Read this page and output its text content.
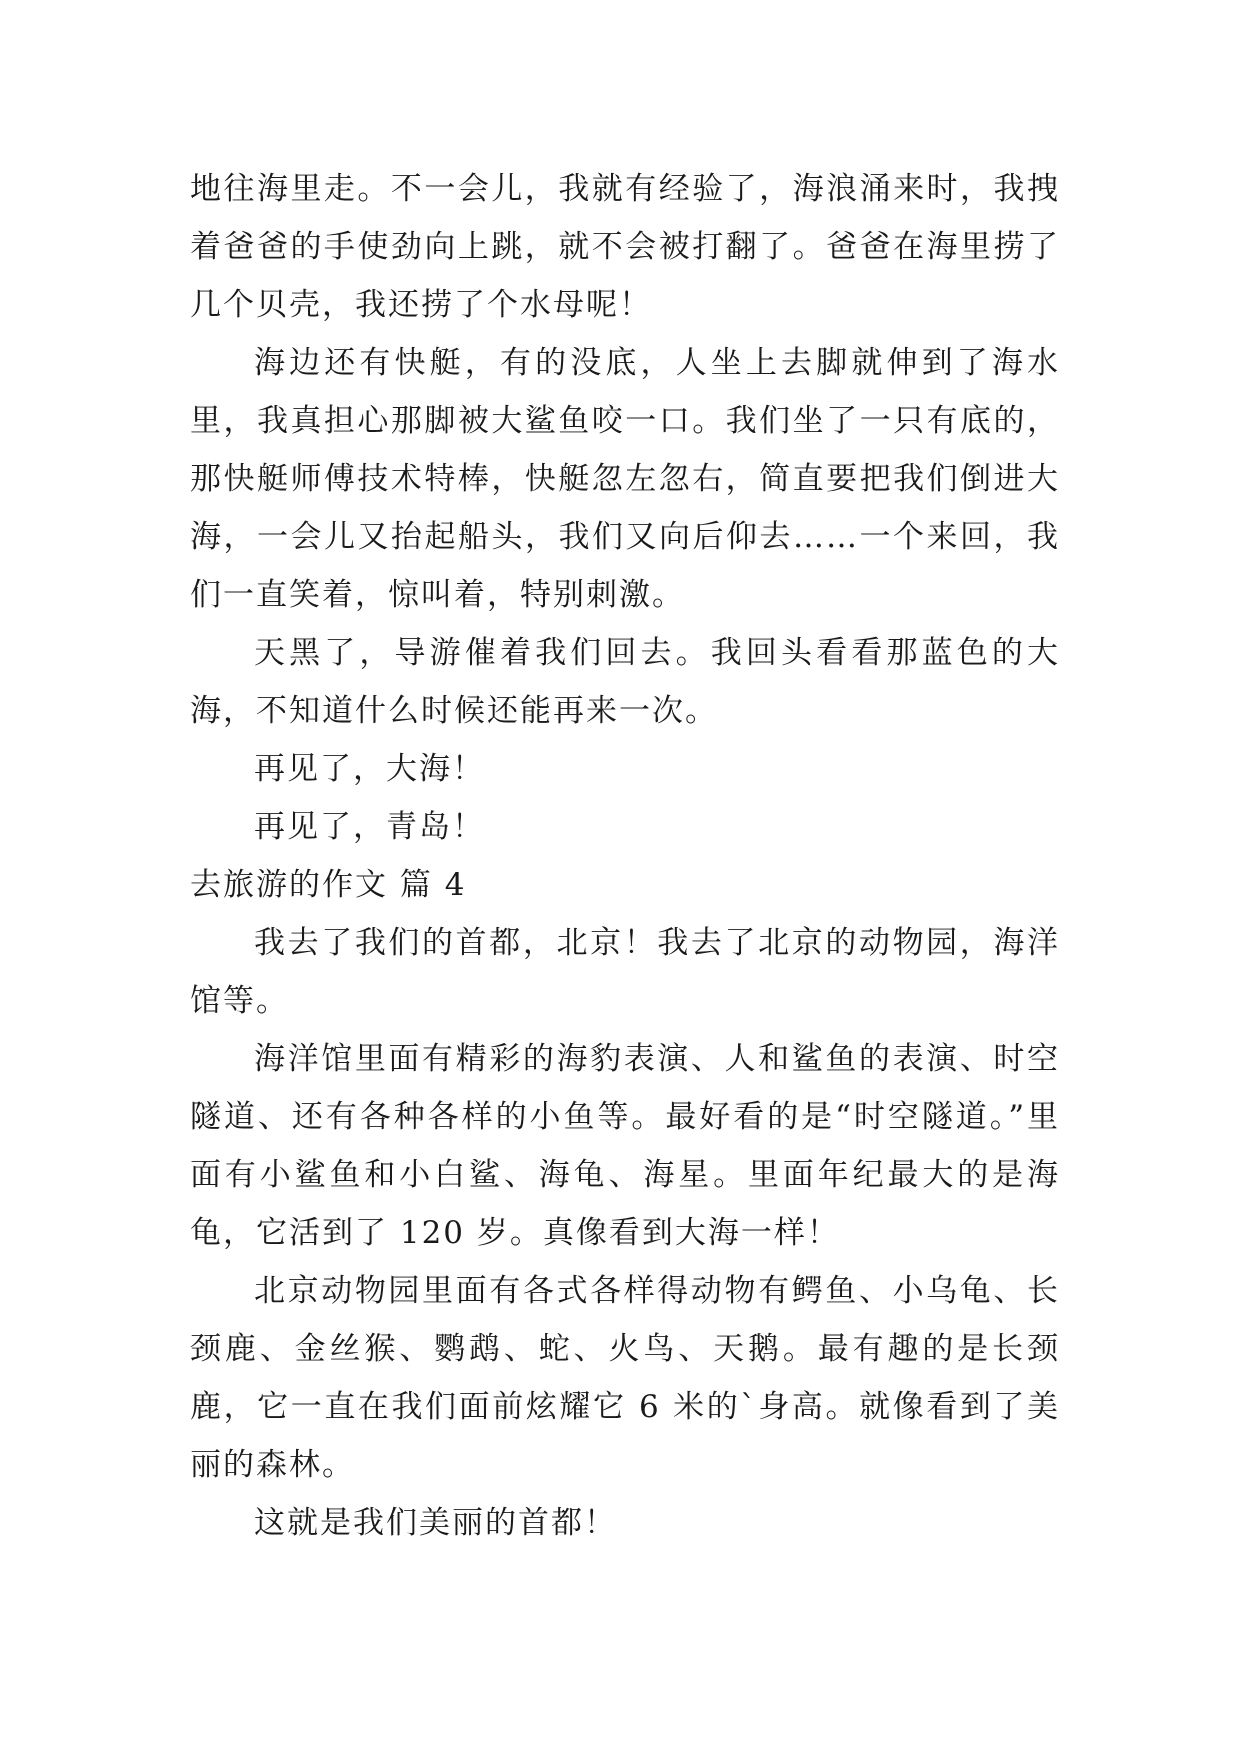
地往海里走。不一会儿，我就有经验了，海浪涌来时，我拽着爸爸的手使劲向上跳，就不会被打翻了。爸爸在海里捞了几个贝壳，我还捞了个水母呢！

海边还有快艇，有的没底，人坐上去脚就伸到了海水里，我真担心那脚被大鲨鱼咬一口。我们坐了一只有底的，那快艇师傅技术特棒，快艇忽左忽右，简直要把我们倒进大海，一会儿又抬起船头，我们又向后仰去……一个来回，我们一直笑着，惊叫着，特别刺激。

天黑了，导游催着我们回去。我回头看看那蓝色的大海，不知道什么时候还能再来一次。

再见了，大海！

再见了，青岛！

去旅游的作文 篇 4

我去了我们的首都，北京！我去了北京的动物园，海洋馆等。

海洋馆里面有精彩的海豹表演、人和鲨鱼的表演、时空隧道、还有各种各样的小鱼等。最好看的是“时空隧道。”里面有小鲨鱼和小白鲨、海龟、海星。里面年纪最大的是海龟，它活到了 120 岁。真像看到大海一样！

北京动物园里面有各式各样得动物有鳄鱼、小乌龟、长颈鹿、金丝猴、鹦鹉、蛇、火鸟、天鹅。最有趣的是长颈鹿，它一直在我们面前炫耀它 6 米的`身高。就像看到了美丽的森林。

这就是我们美丽的首都！
